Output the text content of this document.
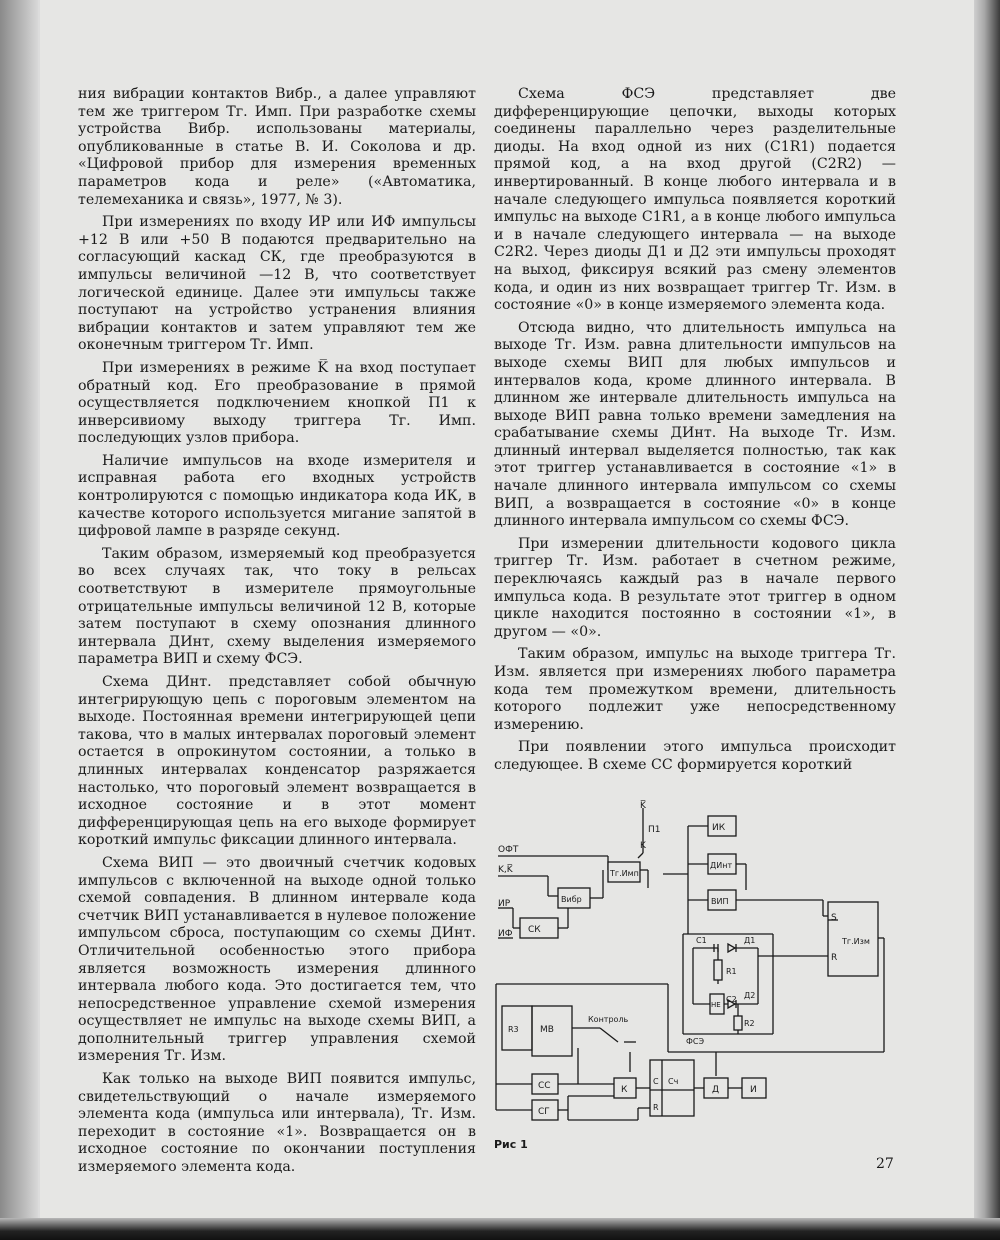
ния вибрации контактов Вибр., а далее управляют тем же триггером Тг. Имп. При разработке схемы устройства Вибр. использованы материалы, опубликованные в статье В. И. Соколова и др. «Цифровой прибор для измерения временных параметров кода и реле» («Автоматика, телемеханика и связь», 1977, № 3).

При измерениях по входу ИР или ИФ импульсы +12 В или +50 В подаются предварительно на согласующий каскад СК, где преобразуются в импульсы величиной —12 В, что соответствует логической единице. Далее эти импульсы также поступают на устройство устранения влияния вибрации контактов и затем управляют тем же оконечным триггером Тг. Имп.

При измерениях в режиме K̅ на вход поступает обратный код. Его преобразование в прямой осуществляется подключением кнопкой П1 к инверсивиому выходу триггера Тг. Имп. последующих узлов прибора.

Наличие импульсов на входе измерителя и исправная работа его входных устройств контролируются с помощью индикатора кода ИК, в качестве которого используется мигание запятой в цифровой лампе в разряде секунд.

Таким образом, измеряемый код преобразуется во всех случаях так, что току в рельсах соответствуют в измерителе прямоугольные отрицательные импульсы величиной 12 В, которые затем поступают в схему опознания длинного интервала ДИнт, схему выделения измеряемого параметра ВИП и схему ФСЭ.

Схема ДИнт. представляет собой обычную интегрирующую цепь с пороговым элементом на выходе. Постоянная времени интегрирующей цепи такова, что в малых интервалах пороговый элемент остается в опрокинутом состоянии, а только в длинных интервалах конденсатор разряжается настолько, что пороговый элемент возвращается в исходное состояние и в этот момент дифференцирующая цепь на его выходе формирует короткий импульс фиксации длинного интервала.

Схема ВИП — это двоичный счетчик кодовых импульсов с включенной на выходе одной только схемой совпадения. В длинном интервале кода счетчик ВИП устанавливается в нулевое положение импульсом сброса, поступающим со схемы ДИнт. Отличительной особенностью этого прибора является возможность измерения длинного интервала любого кода. Это достигается тем, что непосредственное управление схемой измерения осуществляет не импульс на выходе схемы ВИП, а дополнительный триггер управления схемой измерения Тг. Изм.

Как только на выходе ВИП появится импульс, свидетельствующий о начале измеряемого элемента кода (импульса или интервала), Тг. Изм. переходит в состояние «1». Возвращается он в исходное состояние по окончании поступления измеряемого элемента кода.

Схема ФСЭ представляет две дифференцирующие цепочки, выходы которых соединены параллельно через разделительные диоды. На вход одной из них (С1R1) подается прямой код, а на вход другой (С2R2) — инвертированный. В конце любого интервала и в начале следующего импульса появляется короткий импульс на выходе С1R1, а в конце любого импульса и в начале следующего интервала — на выходе С2R2. Через диоды Д1 и Д2 эти импульсы проходят на выход, фиксируя всякий раз смену элементов кода, и один из них возвращает триггер Тг. Изм. в состояние «0» в конце измеряемого элемента кода.

Отсюда видно, что длительность импульса на выходе Тг. Изм. равна длительности импульсов на выходе схемы ВИП для любых импульсов и интервалов кода, кроме длинного интервала. В длинном же интервале длительность импульса на выходе ВИП равна только времени замедления на срабатывание схемы ДИнт. На выходе Тг. Изм. длинный интервал выделяется полностью, так как этот триггер устанавливается в состояние «1» в начале длинного интервала импульсом со схемы ВИП, а возвращается в состояние «0» в конце длинного интервала импульсом со схемы ФСЭ.

При измерении длительности кодового цикла триггер Тг. Изм. работает в счетном режиме, переключаясь каждый раз в начале первого импульса кода. В результате этот триггер в одном цикле находится постоянно в состоянии «1», в другом — «0».

Таким образом, импульс на выходе триггера Тг. Изм. является при измерениях любого параметра кода тем промежутком времени, длительность которого подлежит уже непосредственному измерению.

При появлении этого импульса происходит следующее. В схеме СС формируется короткий

K̅
П1
K
ОФТ
K,K̅
ИР
ИФ
ИК
Тг.Имп
Вибр
СК
ДИнт
ВИП
Тг.Изм
S
R
С1	Д1
R1
НЕ
С2 Д2
R2
ФСЭ
R3 МВ
Контроль
СС
СГ
К
С
R
Сч
Д	И
Рис 1
27
